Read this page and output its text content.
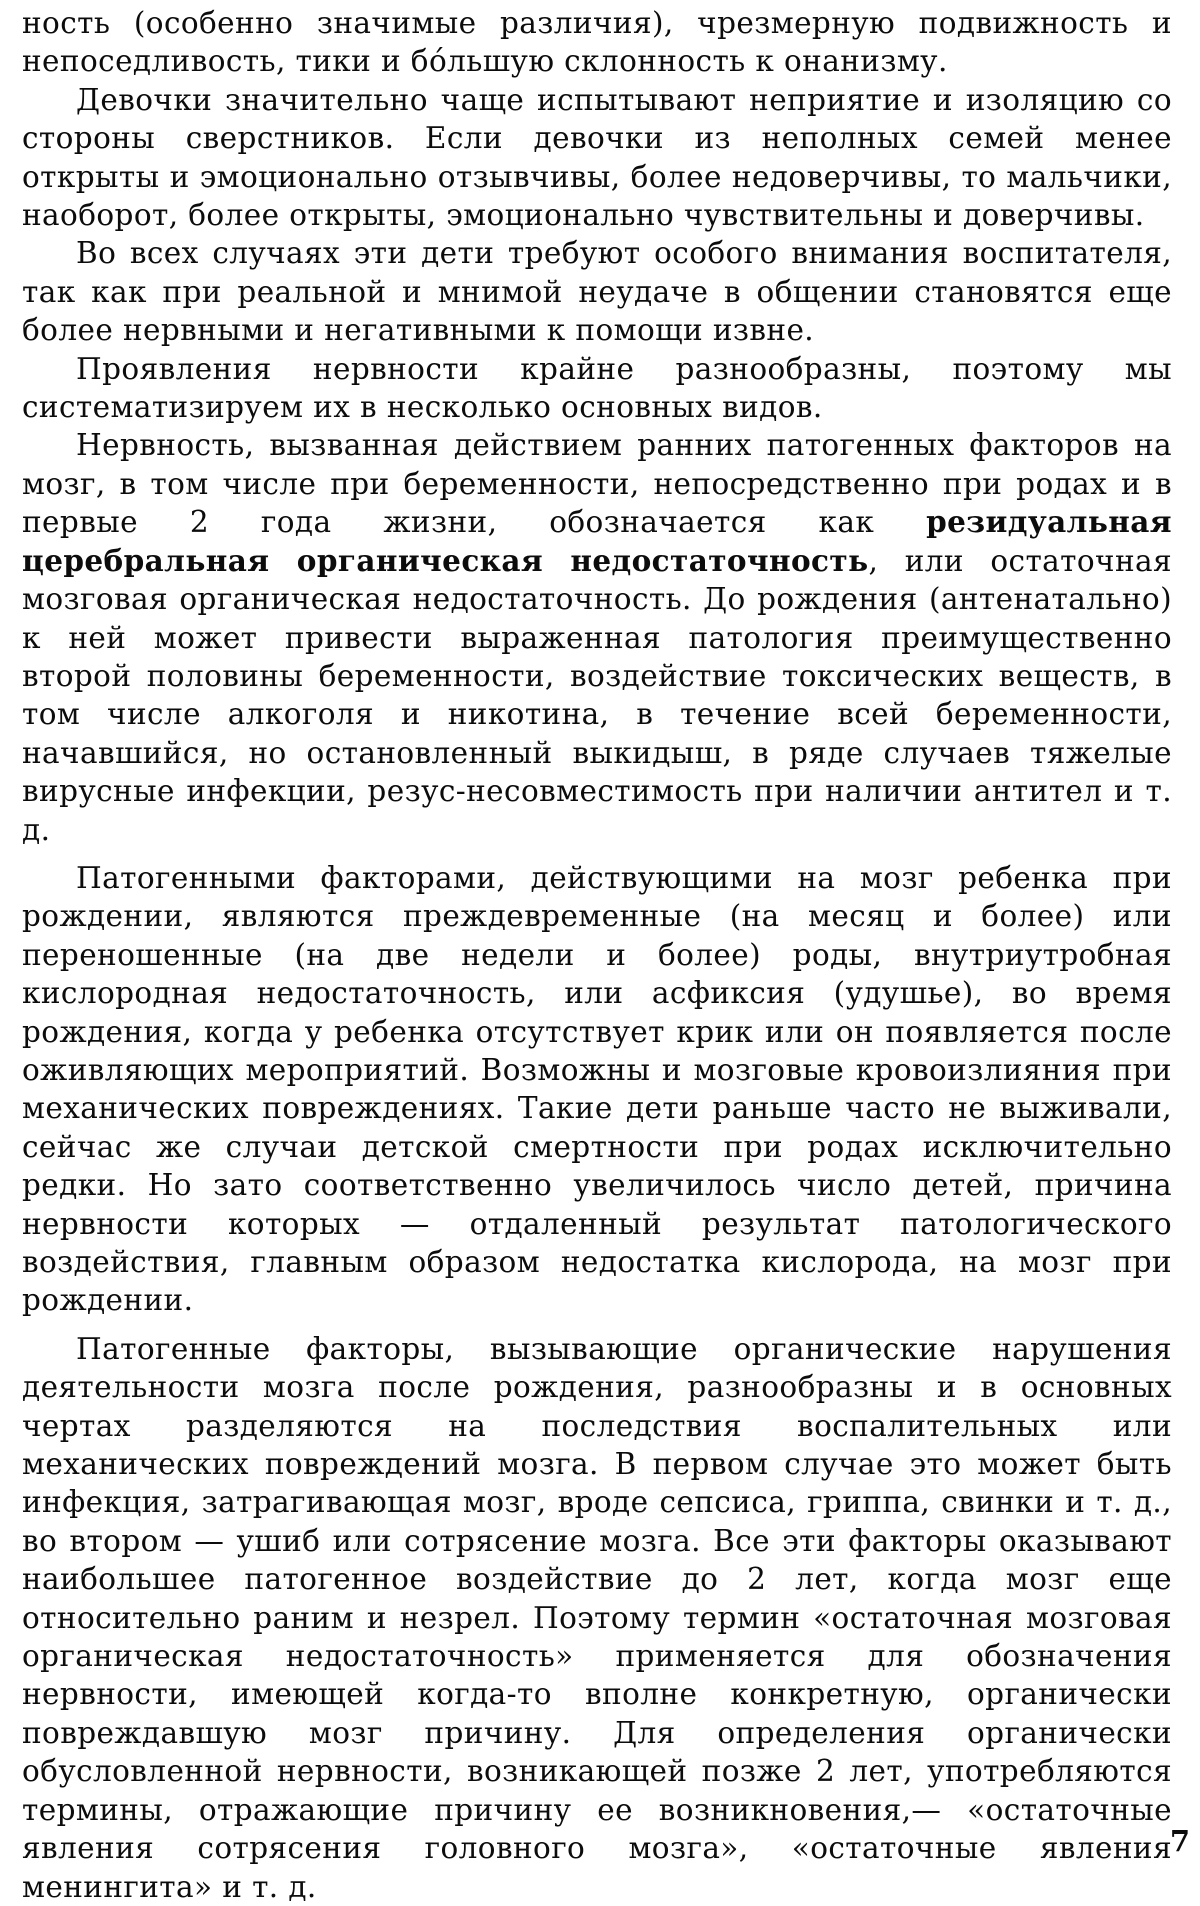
ность (особенно значимые различия), чрезмерную подвижность и непоседливость, тики и бóльшую склонность к онанизму.

Девочки значительно чаще испытывают неприятие и изоляцию со стороны сверстников. Если девочки из неполных семей менее открыты и эмоционально отзывчивы, более недоверчивы, то мальчики, наоборот, более открыты, эмоционально чувствительны и доверчивы.

Во всех случаях эти дети требуют особого внимания воспитателя, так как при реальной и мнимой неудаче в общении становятся еще более нервными и негативными к помощи извне.

Проявления нервности крайне разнообразны, поэтому мы систематизируем их в несколько основных видов.

Нервность, вызванная действием ранних патогенных факторов на мозг, в том числе при беременности, непосредственно при родах и в первые 2 года жизни, обозначается как резидуальная церебральная органическая недостаточность, или остаточная мозговая органическая недостаточность. До рождения (антенатально) к ней может привести выраженная патология преимущественно второй половины беременности, воздействие токсических веществ, в том числе алкоголя и никотина, в течение всей беременности, начавшийся, но остановленный выкидыш, в ряде случаев тяжелые вирусные инфекции, резус-несовместимость при наличии антител и т. д.

Патогенными факторами, действующими на мозг ребенка при рождении, являются преждевременные (на месяц и более) или переношенные (на две недели и более) роды, внутриутробная кислородная недостаточность, или асфиксия (удушье), во время рождения, когда у ребенка отсутствует крик или он появляется после оживляющих мероприятий. Возможны и мозговые кровоизлияния при механических повреждениях. Такие дети раньше часто не выживали, сейчас же случаи детской смертности при родах исключительно редки. Но зато соответственно увеличилось число детей, причина нервности которых — отдаленный результат патологического воздействия, главным образом недостатка кислорода, на мозг при рождении.

Патогенные факторы, вызывающие органические нарушения деятельности мозга после рождения, разнообразны и в основных чертах разделяются на последствия воспалительных или механических повреждений мозга. В первом случае это может быть инфекция, затрагивающая мозг, вроде сепсиса, гриппа, свинки и т. д., во втором — ушиб или сотрясение мозга. Все эти факторы оказывают наибольшее патогенное воздействие до 2 лет, когда мозг еще относительно раним и незрел. Поэтому термин «остаточная мозговая органическая недостаточность» применяется для обозначения нервности, имеющей когда-то вполне конкретную, органически повреждавшую мозг причину. Для определения органически обусловленной нервности, возникающей позже 2 лет, употребляются термины, отражающие причину ее возникновения,— «остаточные явления сотрясения головного мозга», «остаточные явления менингита» и т. д.

7
